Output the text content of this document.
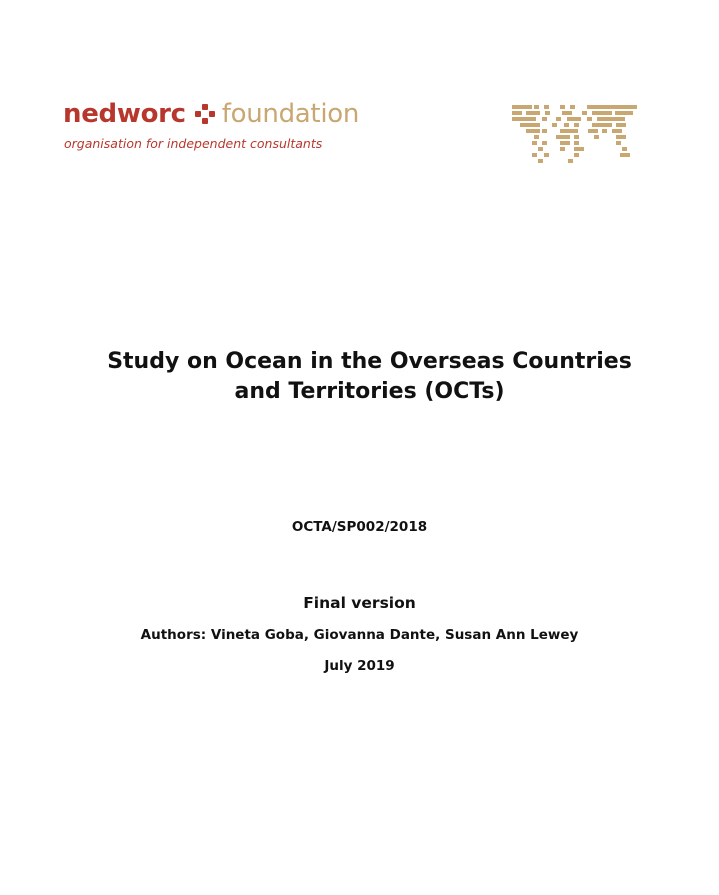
nedworc foundation
organisation for independent consultants
Study on Ocean in the Overseas Countries
and Territories (OCTs)
OCTA/SP002/2018
Final version
Authors: Vineta Goba, Giovanna Dante, Susan Ann Lewey
July 2019
